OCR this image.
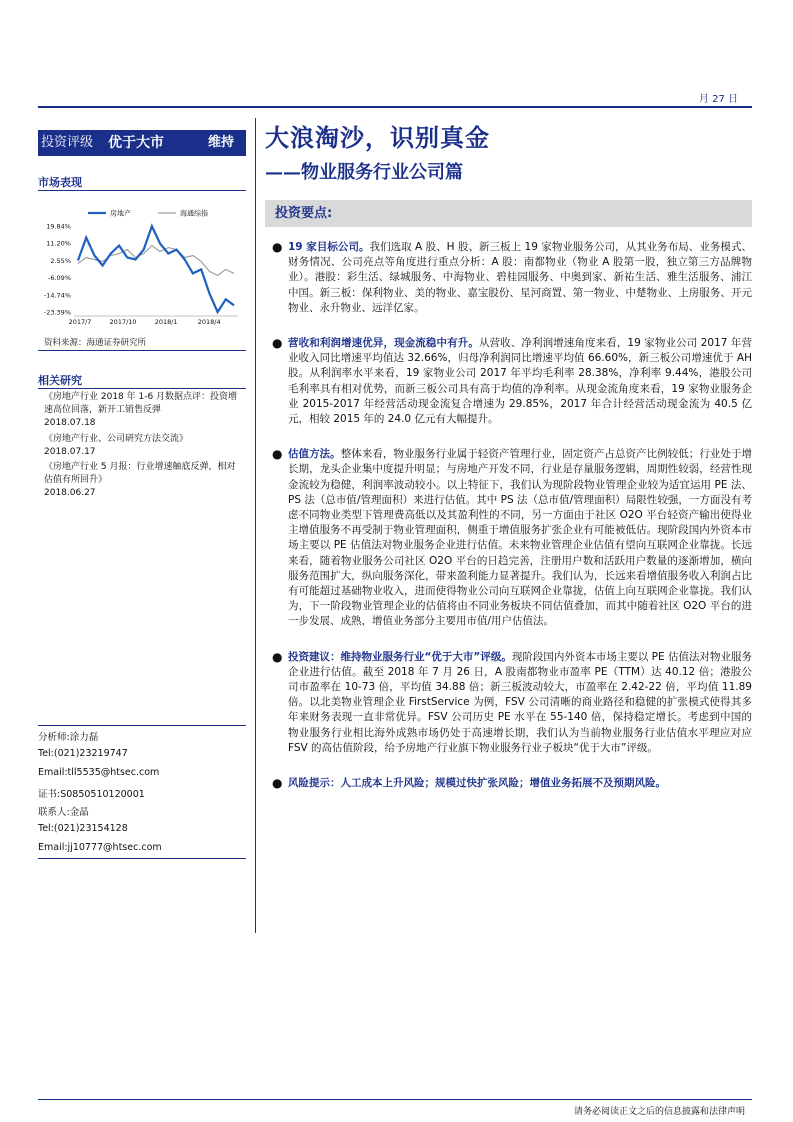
月 27 日
投资评级	优于大市	维持	大浪淘沙，识别真金
——物业服务行业公司篇
市场表现
19.84%
11.20%
2.55%
-6.09%
-14.74%
-23.39%
2017/7	2017/10	2018/1	2018/4
房地产	海通综指
资料来源：海通证券研究所
相关研究
《房地产行业 2018 年 1-6 月数据点评：投资增速高位回落，新开工销售反弹
2018.07.18
《房地产行业、公司研究方法交流》
2018.07.17
《房地产行业 5 月报：行业增速触底反弹，相对估值有所回升》
2018.06.27
分析师:涂力磊
Tel:(021)23219747
Email:tll5535@htsec.com
证书:S0850510120001
联系人:金晶
Tel:(021)23154128
Email:jj10777@htsec.com
投资要点:
● 19 家目标公司。我们选取 A 股、H 股、新三板上 19 家物业服务公司，从其业务布局、业务模式、财务情况、公司亮点等角度进行重点分析：A 股：南都物业（物业 A 股第一股，独立第三方品牌物业）。港股：彩生活、绿城服务、中海物业、碧桂园服务、中奥到家、新祐生活、雅生活服务、浦江中国。新三板：保利物业、美的物业、嘉宝股份、星河商置、第一物业、中楚物业、上房服务、开元物业、永升物业、远洋亿家。
● 营收和利润增速优异，现金流稳中有升。从营收、净利润增速角度来看，19 家物业公司 2017 年营业收入同比增速平均值达 32.66%，归母净利润同比增速平均值 66.60%，新三板公司增速优于 AH 股。从利润率水平来看，19 家物业公司 2017 年平均毛利率 28.38%，净利率 9.44%，港股公司毛利率具有相对优势，而新三板公司具有高于均值的净利率。从现金流角度来看，19 家物业服务企业 2015-2017 年经营活动现金流复合增速为 29.85%，2017 年合计经营活动现金流为 40.5 亿元，相较 2015 年的 24.0 亿元有大幅提升。
● 估值方法。整体来看，物业服务行业属于轻资产管理行业，固定资产占总资产比例较低；行业处于增长期，龙头企业集中度提升明显；与房地产开发不同，行业是存量服务逻辑，周期性较弱，经营性现金流较为稳健，利润率波动较小。以上特征下，我们认为现阶段物业管理企业较为适宜运用 PE 法、PS 法（总市值/管理面积）来进行估值。其中 PS 法（总市值/管理面积）局限性较强，一方面没有考虑不同物业类型下管理费高低以及其盈利性的不同，另一方面由于社区 O2O 平台轻资产输出使得业主增值服务不再受制于物业管理面积，侧重于增值服务扩张企业有可能被低估。现阶段国内外资本市场主要以 PE 估值法对物业服务企业进行估值。未来物业管理企业估值有望向互联网企业靠拢。长远来看，随着物业服务公司社区 O2O 平台的日趋完善，注册用户数和活跃用户数量的逐渐增加，横向服务范围扩大，纵向服务深化，带来盈利能力显著提升。我们认为，长远来看增值服务收入利润占比有可能超过基础物业收入，进而使得物业公司向互联网企业靠拢，估值上向互联网企业靠拢。我们认为，下一阶段物业管理企业的估值将由不同业务板块不同估值叠加，而其中随着社区 O2O 平台的进一步发展、成熟，增值业务部分主要用市值/用户估值法。
● 投资建议：维持物业服务行业“优于大市”评级。现阶段国内外资本市场主要以 PE 估值法对物业服务企业进行估值。截至 2018 年 7 月 26 日，A 股南都物业市盈率 PE（TTM）达 40.12 倍；港股公司市盈率在 10-73 倍，平均值 34.88 倍；新三板波动较大，市盈率在 2.42-22 倍，平均值 11.89 倍。以北美物业管理企业 FirstService 为例，FSV 公司清晰的商业路径和稳健的扩张模式使得其多年来财务表现一直非常优异。FSV 公司历史 PE 水平在 55-140 倍，保持稳定增长。考虑到中国的物业服务行业相比海外成熟市场仍处于高速增长期，我们认为当前物业服务行业估值水平理应对应 FSV 的高估值阶段，给予房地产行业旗下物业服务行业子板块“优于大市”评级。
● 风险提示：人工成本上升风险；规模过快扩张风险；增值业务拓展不及预期风险。
请务必阅读正文之后的信息披露和法律声明
